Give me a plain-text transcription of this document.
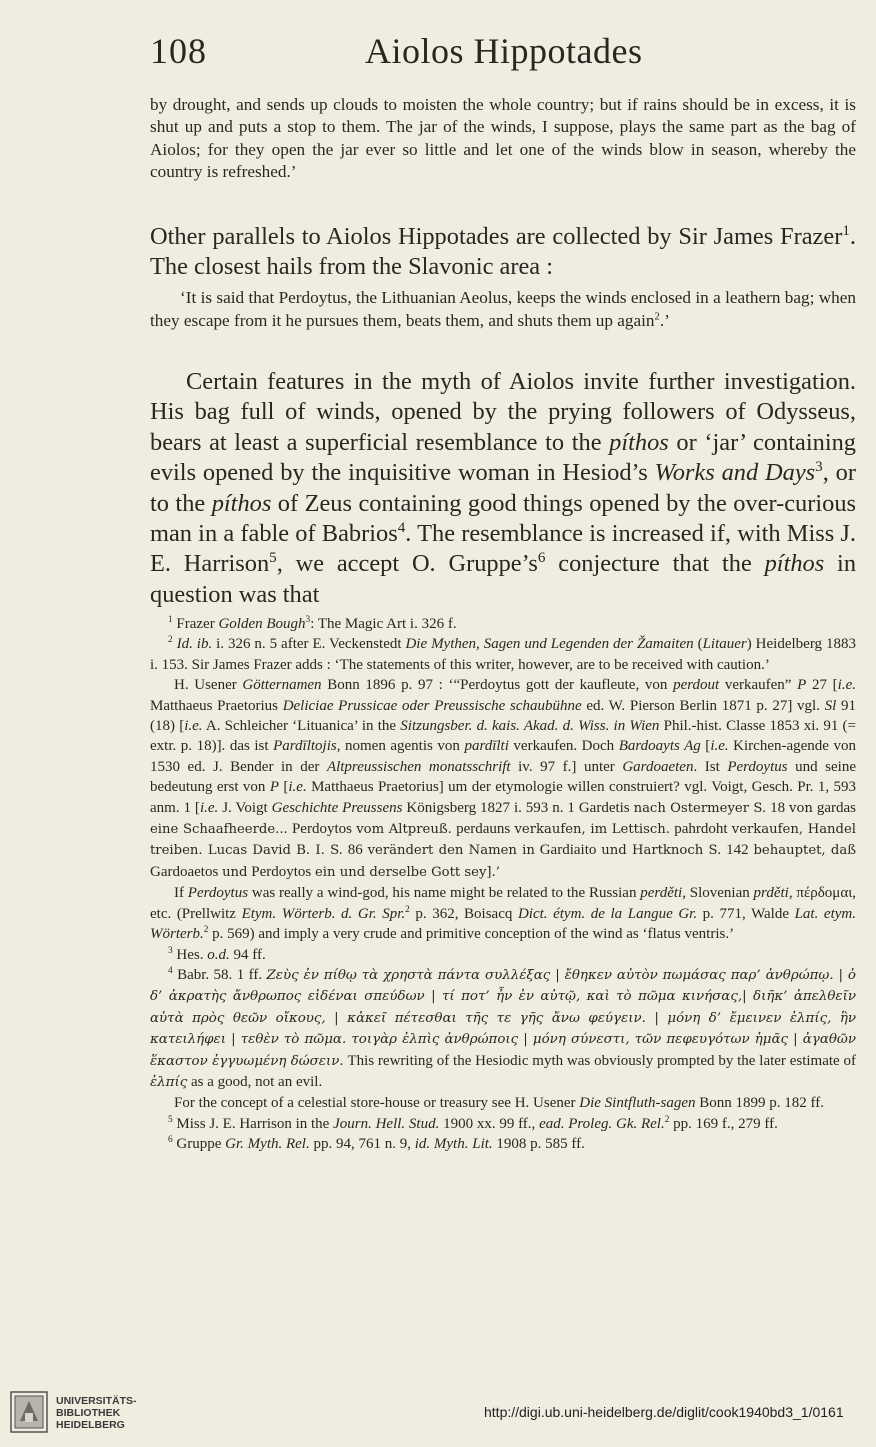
108	Aiolos Hippotades
by drought, and sends up clouds to moisten the whole country; but if rains should be in excess, it is shut up and puts a stop to them. The jar of the winds, I suppose, plays the same part as the bag of Aiolos; for they open the jar ever so little and let one of the winds blow in season, whereby the country is refreshed.’
Other parallels to Aiolos Hippotades are collected by Sir James Frazer$^1$. The closest hails from the Slavonic area :
‘It is said that Perdoytus, the Lithuanian Aeolus, keeps the winds enclosed in a leathern bag; when they escape from it he pursues them, beats them, and shuts them up again$^2$.’
Certain features in the myth of Aiolos invite further investigation. His bag full of winds, opened by the prying followers of Odysseus, bears at least a superficial resemblance to the píthos or ‘jar’ containing evils opened by the inquisitive woman in Hesiod’s Works and Days$^3$, or to the píthos of Zeus containing good things opened by the over-curious man in a fable of Babrios$^4$. The resemblance is increased if, with Miss J. E. Harrison$^5$, we accept O. $Gruppe’s^6$ conjecture that the píthos in question was that

$^1$ Frazer Golden Bough$^3$: The Magic Art i. 326 f.

$^2$ Id. ib. i. 326 n. 5 after E. Veckenstedt Die Mythen, Sagen und Legenden der Žamaiten (Litauer) Heidelberg 1883 i. 153. Sir James Frazer adds : ‘The statements of this writer, however, are to be received with caution.’

H. Usener Götternamen Bonn 1896 p. 97 : ‘“Perdoytus gott der kaufleute, von perdout verkaufen” P 27 [i.e. Matthaeus Praetorius Deliciae Prussicae oder Preussische schaubühne ed. W. Pierson Berlin 1871 p. 27] vgl. Sl 91 (18) [i.e. A. Schleicher ‘Lituanica’ in the Sitzungsber. d. kais. Akad. d. Wiss. in Wien Phil.-hist. Classe 1853 xi. 91 (= extr. p. 18)]. das ist Pardīltojis, nomen agentis von pardīlti verkaufen. Doch Bardoayts Ag [i.e. Kirchen-agende von 1530 ed. J. Bender in der Altpreussischen monatsschrift iv. 97 f.] unter Gardoaeten. Ist Perdoytus und seine bedeutung erst von P [i.e. Matthaeus Praetorius] um der etymologie willen construiert? vgl. Voigt, Gesch. Pr. 1, 593 anm. 1 [i.e. J. Voigt Geschichte Preussens Königsberg 1827 i. 593 n. 1 Gardetis nach Ostermeyer S. 18 von gardas eine Schaafheerde... Perdoytos vom Altpreuß. perdauns verkaufen, im Lettisch. pahrdoht verkaufen, Handel treiben. Lucas David B. I. S. 86 verändert den Namen in Gardiaito und Hartknoch S. 142 behauptet, daß Gardoaetos und Perdoytos ein und derselbe Gott sey].’

If Perdoytus was really a wind-god, his name might be related to the Russian perděti, Slovenian prděti, πέρδομαι, etc. (Prellwitz Etym. Wörterb. d. Gr. Spr.$^2$ p. 362, Boisacq Dict. étym. de la Langue Gr. p. 771, Walde Lat. etym. Wörterb.$^2$ p. 569) and imply a very crude and primitive conception of the wind as ‘flatus ventris.’

$^3$ Hes. o.d. 94 ff.

$^4$ Babr. 58. 1 ff. Ζεὺς ἐν πίθῳ τὰ χρηστὰ πάντα συλλέξας | ἔθηκεν αὐτὸν πωμάσας παρ’ ἀνθρώπῳ. | ὁ δ’ ἀκρατὴς ἄνθρωπος εἰδέναι σπεύδων | τί ποτ’ ἦν ἐν αὐτῷ, καὶ τὸ πῶμα κινήσας,| διῆκ’ ἀπελθεῖν αὐτὰ πρὸς θεῶν οἴκους, | κἀκεῖ πέτεσθαι τῆς τε γῆς ἄνω φεύγειν. | μόνη δ’ ἔμεινεν ἐλπίς, ἣν κατειλήφει | τεθὲν τὸ πῶμα. τοιγὰρ ἐλπὶς ἀνθρώποις | μόνη σύνεστι, τῶν πεφευγότων ἡμᾶς | ἀγαθῶν ἕκαστον ἐγγυωμένη δώσειν. This rewriting of the Hesiodic myth was obviously prompted by the later estimate of ἐλπίς as a good, not an evil.

For the concept of a celestial store-house or treasury see H. Usener Die Sintfluth-sagen Bonn 1899 p. 182 ff.

$^5$ Miss J. E. Harrison in the Journ. Hell. Stud. 1900 xx. 99 ff., ead. Proleg. Gk. Rel.$^2$ pp. 169 f., 279 ff.

$^6$ Gruppe Gr. Myth. Rel. pp. 94, 761 n. 9, id. Myth. Lit. 1908 p. 585 ff.

UNIVERSITÄTS-
BIBLIOTHEK
HEIDELBERG
http://digi.ub.uni-heidelberg.de/diglit/cook1940bd3_1/0161
